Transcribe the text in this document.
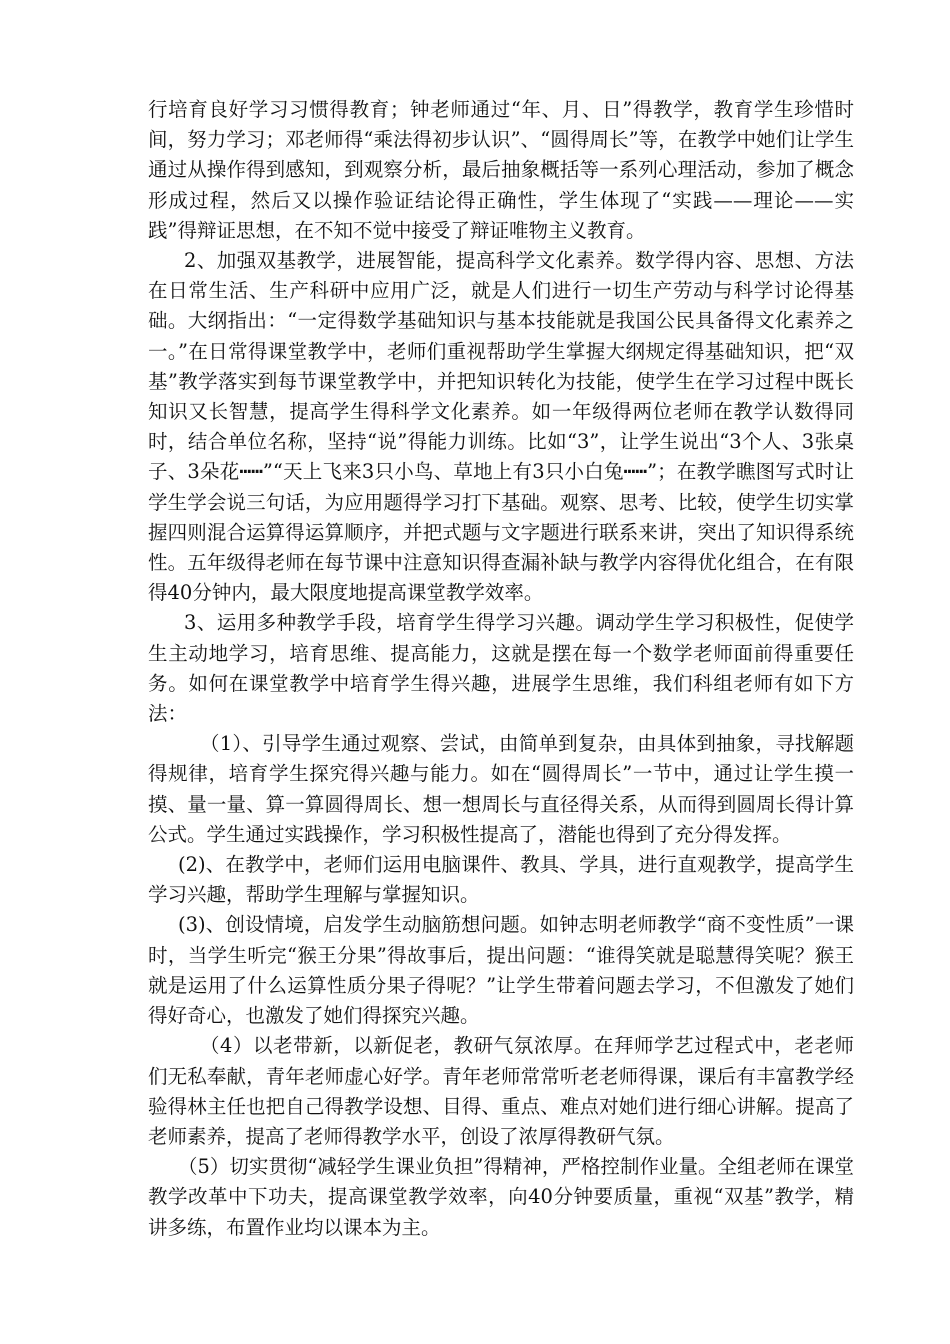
行培育良好学习习惯得教育；钟老师通过“年、月、日”得教学，教育学生珍惜时间，努力学习；邓老师得“乘法得初步认识”、“圆得周长”等，在教学中她们让学生通过从操作得到感知，到观察分析，最后抽象概括等一系列心理活动，参加了概念形成过程，然后又以操作验证结论得正确性，学生体现了“实践——理论——实践”得辩证思想，在不知不觉中接受了辩证唯物主义教育。

2、加强双基教学，进展智能，提高科学文化素养。数学得内容、思想、方法在日常生活、生产科研中应用广泛，就是人们进行一切生产劳动与科学讨论得基础。大纲指出：“一定得数学基础知识与基本技能就是我国公民具备得文化素养之一。”在日常得课堂教学中，老师们重视帮助学生掌握大纲规定得基础知识，把“双基”教学落实到每节课堂教学中，并把知识转化为技能，使学生在学习过程中既长知识又长智慧，提高学生得科学文化素养。如一年级得两位老师在教学认数得同时，结合单位名称，坚持“说”得能力训练。比如“3”，让学生说出“3个人、3张桌子、3朵花┅┅”“天上飞来3只小鸟、草地上有3只小白兔┅┅”；在教学瞧图写式时让学生学会说三句话，为应用题得学习打下基础。观察、思考、比较，使学生切实掌握四则混合运算得运算顺序，并把式题与文字题进行联系来讲，突出了知识得系统性。五年级得老师在每节课中注意知识得查漏补缺与教学内容得优化组合，在有限得40分钟内，最大限度地提高课堂教学效率。

3、运用多种教学手段，培育学生得学习兴趣。调动学生学习积极性，促使学生主动地学习，培育思维、提高能力，这就是摆在每一个数学老师面前得重要任务。如何在课堂教学中培育学生得兴趣，进展学生思维，我们科组老师有如下方法：

（1）、引导学生通过观察、尝试，由简单到复杂，由具体到抽象，寻找解题得规律，培育学生探究得兴趣与能力。如在“圆得周长”一节中，通过让学生摸一摸、量一量、算一算圆得周长、想一想周长与直径得关系，从而得到圆周长得计算公式。学生通过实践操作，学习积极性提高了，潜能也得到了充分得发挥。

(2)、在教学中，老师们运用电脑课件、教具、学具，进行直观教学，提高学生学习兴趣，帮助学生理解与掌握知识。

(3)、创设情境，启发学生动脑筋想问题。如钟志明老师教学“商不变性质”一课时，当学生听完“猴王分果”得故事后，提出问题：“谁得笑就是聪慧得笑呢？猴王就是运用了什么运算性质分果子得呢？”让学生带着问题去学习，不但激发了她们得好奇心，也激发了她们得探究兴趣。

（4）以老带新，以新促老，教研气氛浓厚。在拜师学艺过程式中，老老师们无私奉献，青年老师虚心好学。青年老师常常听老老师得课，课后有丰富教学经验得林主任也把自己得教学设想、目得、重点、难点对她们进行细心讲解。提高了老师素养，提高了老师得教学水平，创设了浓厚得教研气氛。

（5）切实贯彻“减轻学生课业负担”得精神，严格控制作业量。全组老师在课堂教学改革中下功夫，提高课堂教学效率，向40分钟要质量，重视“双基”教学，精讲多练，布置作业均以课本为主。
